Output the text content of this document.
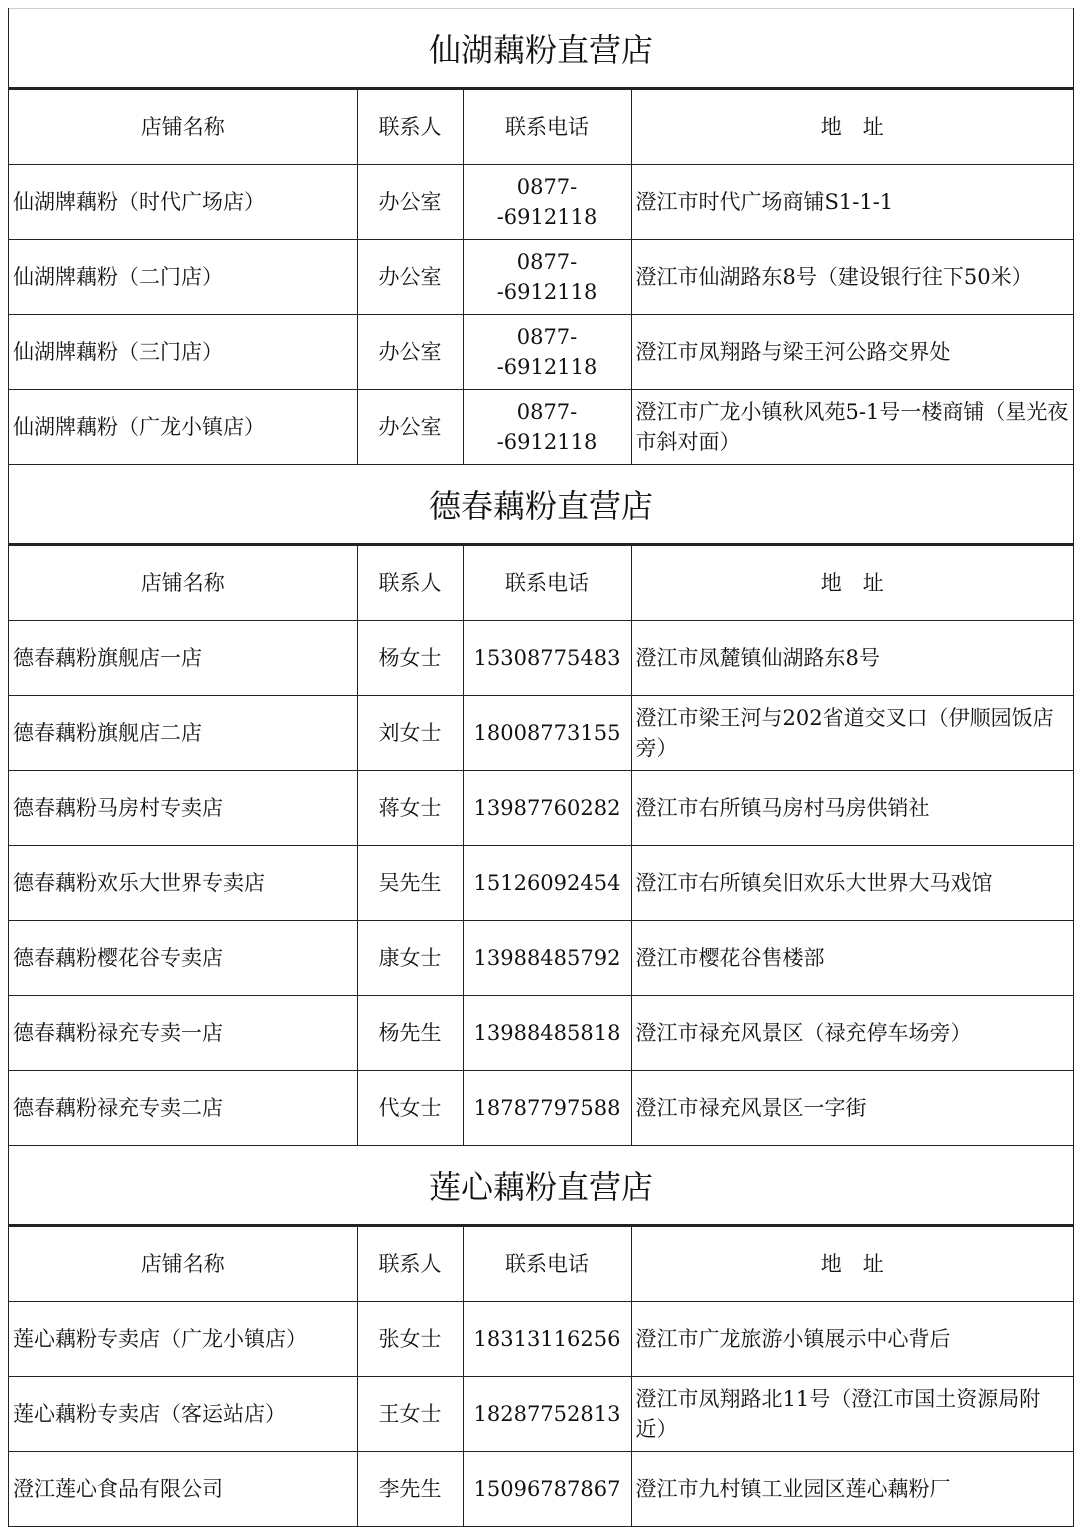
仙湖藕粉直营店
店铺名称	联系人	联系电话	地　址
仙湖牌藕粉（时代广场店）	办公室	0877--6912118	澄江市时代广场商铺S1-1-1
仙湖牌藕粉（二门店）	办公室	0877--6912118	澄江市仙湖路东8号（建设银行往下50米）
仙湖牌藕粉（三门店）	办公室	0877--6912118	澄江市凤翔路与梁王河公路交界处
仙湖牌藕粉（广龙小镇店）	办公室	0877--6912118	澄江市广龙小镇秋风苑5-1号一楼商铺（星光夜市斜对面）
德春藕粉直营店
店铺名称	联系人	联系电话	地　址
德春藕粉旗舰店一店	杨女士	15308775483	澄江市凤麓镇仙湖路东8号
德春藕粉旗舰店二店	刘女士	18008773155	澄江市梁王河与202省道交叉口（伊顺园饭店旁）
德春藕粉马房村专卖店	蒋女士	13987760282	澄江市右所镇马房村马房供销社
德春藕粉欢乐大世界专卖店	吴先生	15126092454	澄江市右所镇矣旧欢乐大世界大马戏馆
德春藕粉樱花谷专卖店	康女士	13988485792	澄江市樱花谷售楼部
德春藕粉禄充专卖一店	杨先生	13988485818	澄江市禄充风景区（禄充停车场旁）
德春藕粉禄充专卖二店	代女士	18787797588	澄江市禄充风景区一字街
莲心藕粉直营店
店铺名称	联系人	联系电话	地　址
莲心藕粉专卖店（广龙小镇店）	张女士	18313116256	澄江市广龙旅游小镇展示中心背后
莲心藕粉专卖店（客运站店）	王女士	18287752813	澄江市凤翔路北11号（澄江市国土资源局附近）
澄江莲心食品有限公司	李先生	15096787867	澄江市九村镇工业园区莲心藕粉厂
